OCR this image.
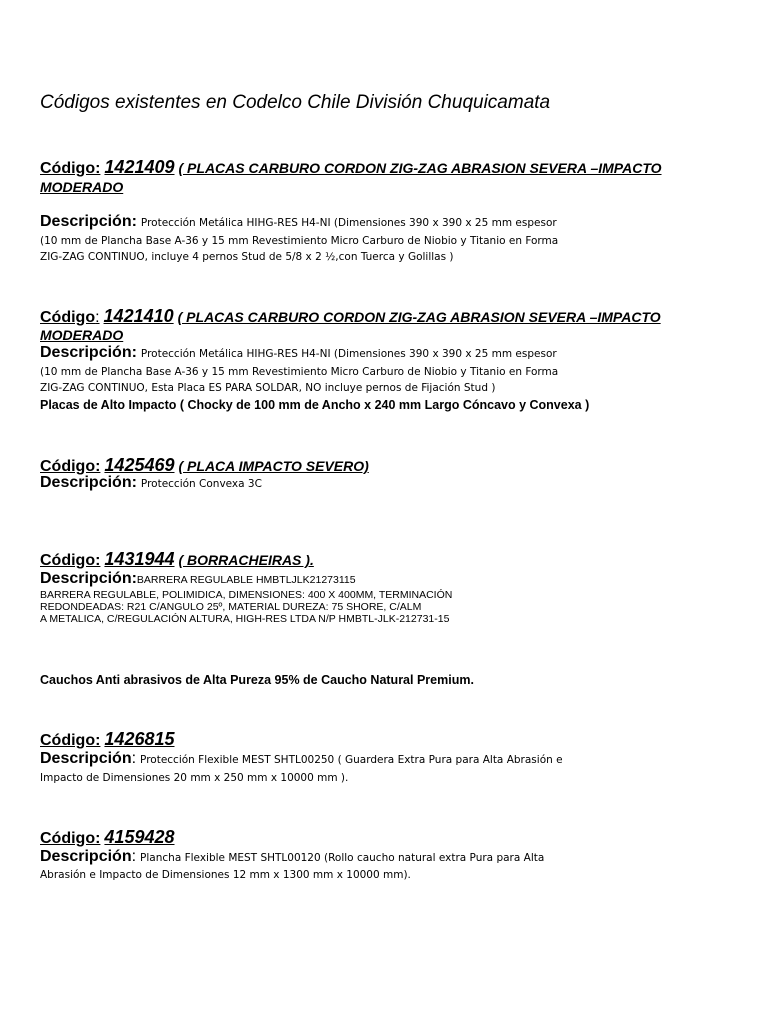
Códigos existentes en Codelco Chile División Chuquicamata
Código: 1421409 ( PLACAS CARBURO CORDON ZIG-ZAG ABRASION SEVERA –IMPACTO
MODERADO
Descripción: Protección Metálica HIHG-RES H4-NI (Dimensiones 390 x 390 x 25 mm espesor
(10 mm de Plancha Base A-36 y 15 mm Revestimiento Micro Carburo de Niobio y Titanio en Forma
ZIG-ZAG CONTINUO, incluye 4 pernos Stud de 5/8 x 2 ½,con Tuerca y Golillas )
Código: 1421410 ( PLACAS CARBURO CORDON ZIG-ZAG ABRASION SEVERA –IMPACTO
MODERADO
Descripción: Protección Metálica HIHG-RES H4-NI (Dimensiones 390 x 390 x 25 mm espesor
(10 mm de Plancha Base A-36 y 15 mm Revestimiento Micro Carburo de Niobio y Titanio en Forma
ZIG-ZAG CONTINUO, Esta Placa ES PARA SOLDAR, NO incluye pernos de Fijación Stud )
Placas de Alto Impacto ( Chocky de 100 mm de Ancho x 240 mm Largo Cóncavo y Convexa )
Código: 1425469 ( PLACA IMPACTO SEVERO)
Descripción: Protección Convexa 3C
Código: 1431944 ( BORRACHEIRAS ).
Descripción:BARRERA REGULABLE HMBTLJLK21273115
BARRERA REGULABLE, POLIMIDICA, DIMENSIONES: 400 X 400MM, TERMINACIÓN
REDONDEADAS: R21 C/ANGULO 25º, MATERIAL DUREZA: 75 SHORE, C/ALM
A METALICA, C/REGULACIÓN ALTURA, HIGH-RES LTDA N/P HMBTL-JLK-212731-15
Cauchos Anti abrasivos de Alta Pureza 95% de Caucho Natural Premium.
Código: 1426815
Descripción: Protección Flexible MEST SHTL00250 ( Guardera Extra Pura para Alta Abrasión e
Impacto de Dimensiones 20 mm x 250 mm x 10000 mm ).
Código: 4159428
Descripción: Plancha Flexible MEST SHTL00120 (Rollo caucho natural extra Pura para Alta
Abrasión e Impacto de Dimensiones 12 mm x 1300 mm x 10000 mm).
